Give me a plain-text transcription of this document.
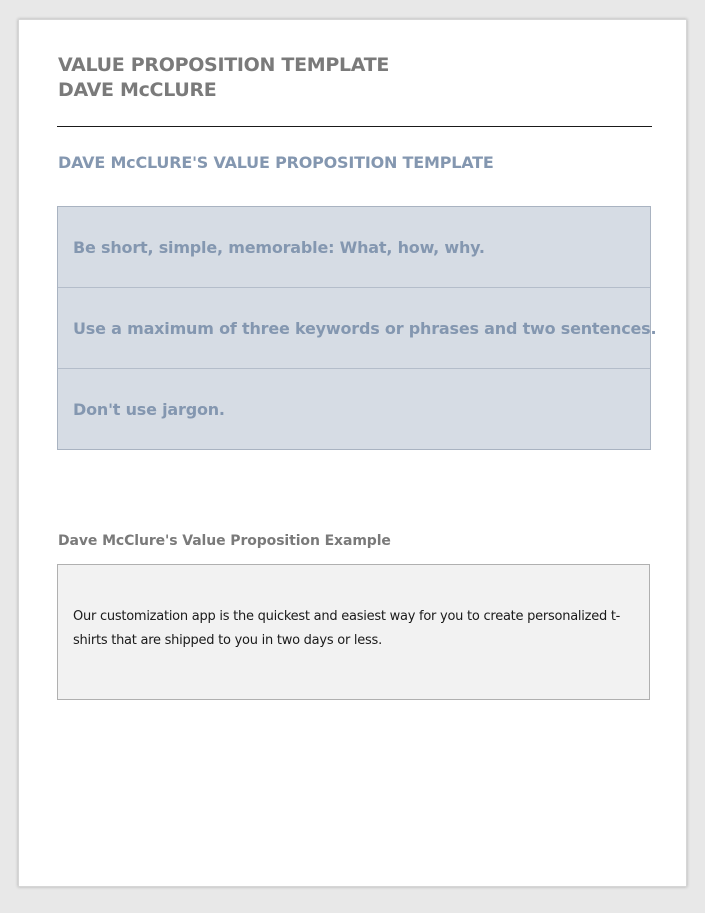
VALUE PROPOSITION TEMPLATE
DAVE McCLURE
DAVE McCLURE'S VALUE PROPOSITION TEMPLATE
Be short, simple, memorable: What, how, why.
Use a maximum of three keywords or phrases and two sentences.
Don't use jargon.
Dave McClure's Value Proposition Example

Our customization app is the quickest and easiest way for you to create personalized t-shirts that are shipped to you in two days or less.
